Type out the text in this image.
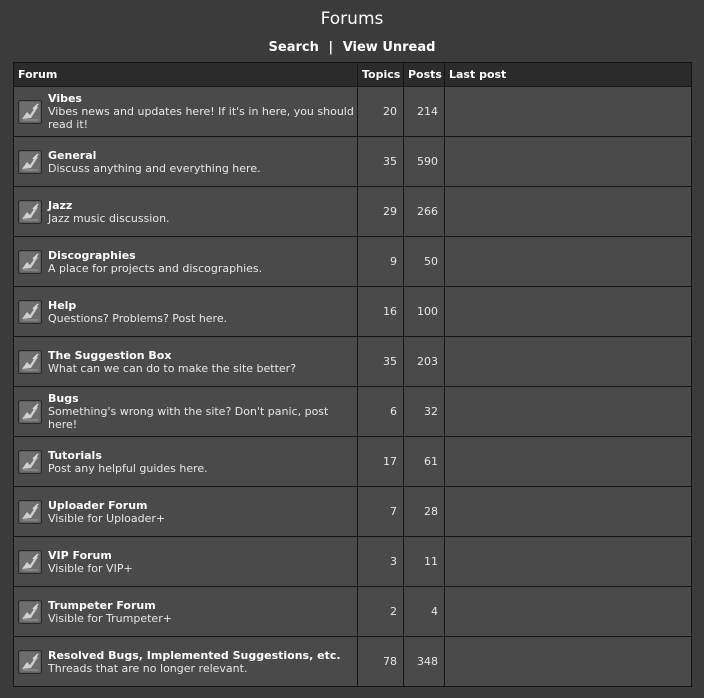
Forums
Search | View Unread
Forum	Topics	Posts	Last post

Vibes
Vibes news and updates here! If it's in here, you should read it!	20	214	

General
Discuss anything and everything here.	35	590	

Jazz
Jazz music discussion.	29	266	

Discographies
A place for projects and discographies.	9	50	

Help
Questions? Problems? Post here.	16	100	

The Suggestion Box
What can we can do to make the site better?	35	203	

Bugs
Something's wrong with the site? Don't panic, post here!	6	32	

Tutorials
Post any helpful guides here.	17	61	

Uploader Forum
Visible for Uploader+	7	28	

VIP Forum
Visible for VIP+	3	11	

Trumpeter Forum
Visible for Trumpeter+	2	4	

Resolved Bugs, Implemented Suggestions, etc.
Threads that are no longer relevant.	78	348	
